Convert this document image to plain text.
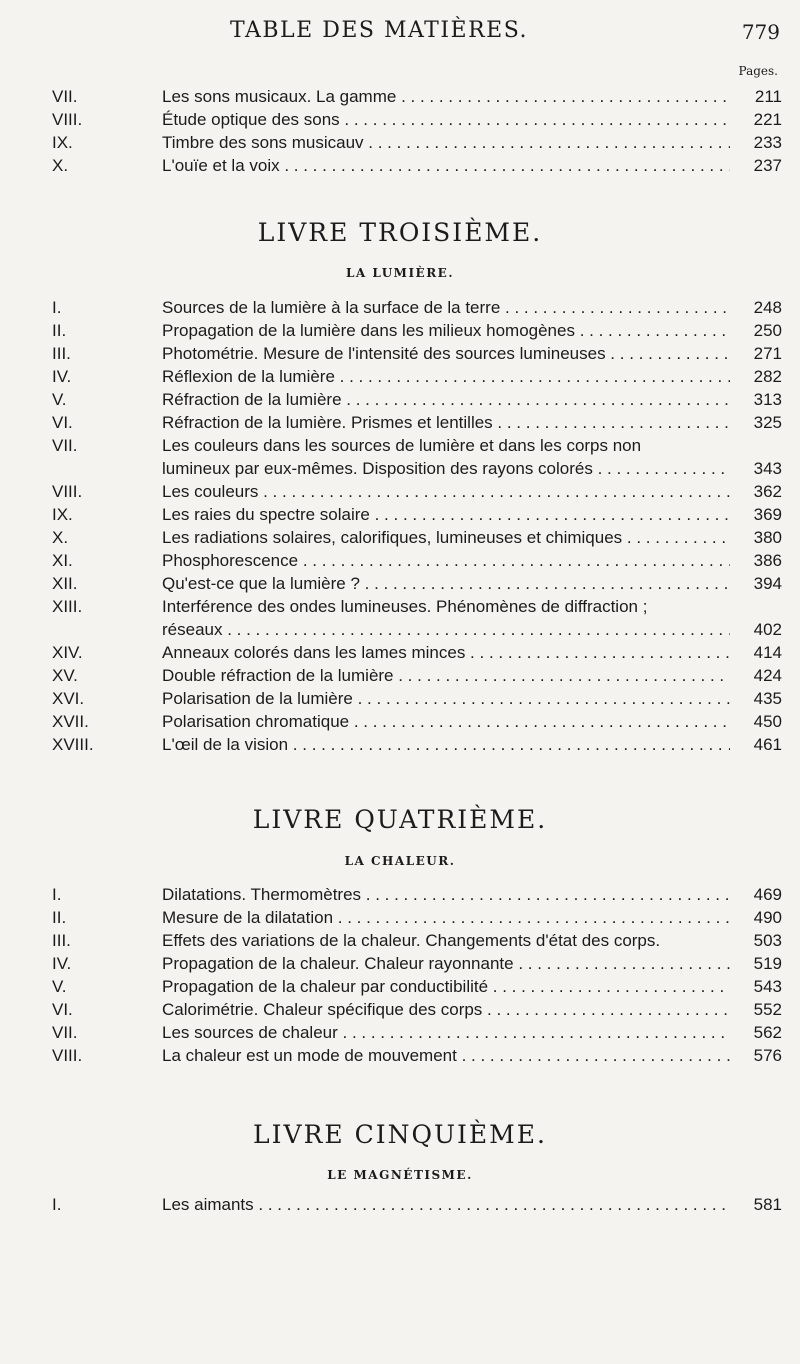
TABLE DES MATIÈRES.	779
Pages.
VII.	Les sons musicaux. La gamme . . .	211
VIII.	Étude optique des sons . . .	221
IX.	Timbre des sons musicauv . . .	233
X.	L'ouïe et la voix . . .	237
LIVRE TROISIÈME.
LA LUMIÈRE.
I.	Sources de la lumière à la surface de la terre . . .	248
II.	Propagation de la lumière dans les milieux homogènes . . .	250
III.	Photométrie. Mesure de l'intensité des sources lumineuses . . .	271
IV.	Réflexion de la lumière . . .	282
V.	Réfraction de la lumière . . .	313
VI.	Réfraction de la lumière. Prismes et lentilles . . .	325
VII.	Les couleurs dans les sources de lumière et dans les corps non
lumineux par eux-mêmes. Disposition des rayons colorés . . .	343
VIII.	Les couleurs . . .	362
IX.	Les raies du spectre solaire . . .	369
X.	Les radiations solaires, calorifiques, lumineuses et chimiques . . .	380
XI.	Phosphorescence . . .	386
XII.	Qu'est-ce que la lumière ? . . .	394
XIII.	Interférence des ondes lumineuses. Phénomènes de diffraction ;
réseaux . . .	402
XIV.	Anneaux colorés dans les lames minces . . .	414
XV.	Double réfraction de la lumière . . .	424
XVI.	Polarisation de la lumière . . .	435
XVII.	Polarisation chromatique . . .	450
XVIII.	L'œil de la vision . . .	461
LIVRE QUATRIÈME.
LA CHALEUR.
I.	Dilatations. Thermomètres . . .	469
II.	Mesure de la dilatation . . .	490
III.	Effets des variations de la chaleur. Changements d'état des corps.	503
IV.	Propagation de la chaleur. Chaleur rayonnante . . .	519
V.	Propagation de la chaleur par conductibilité . . .	543
VI.	Calorimétrie. Chaleur spécifique des corps . . .	552
VII.	Les sources de chaleur . . .	562
VIII.	La chaleur est un mode de mouvement . . .	576
LIVRE CINQUIÈME.
LE MAGNÉTISME.
I.	Les aimants . . .	581
